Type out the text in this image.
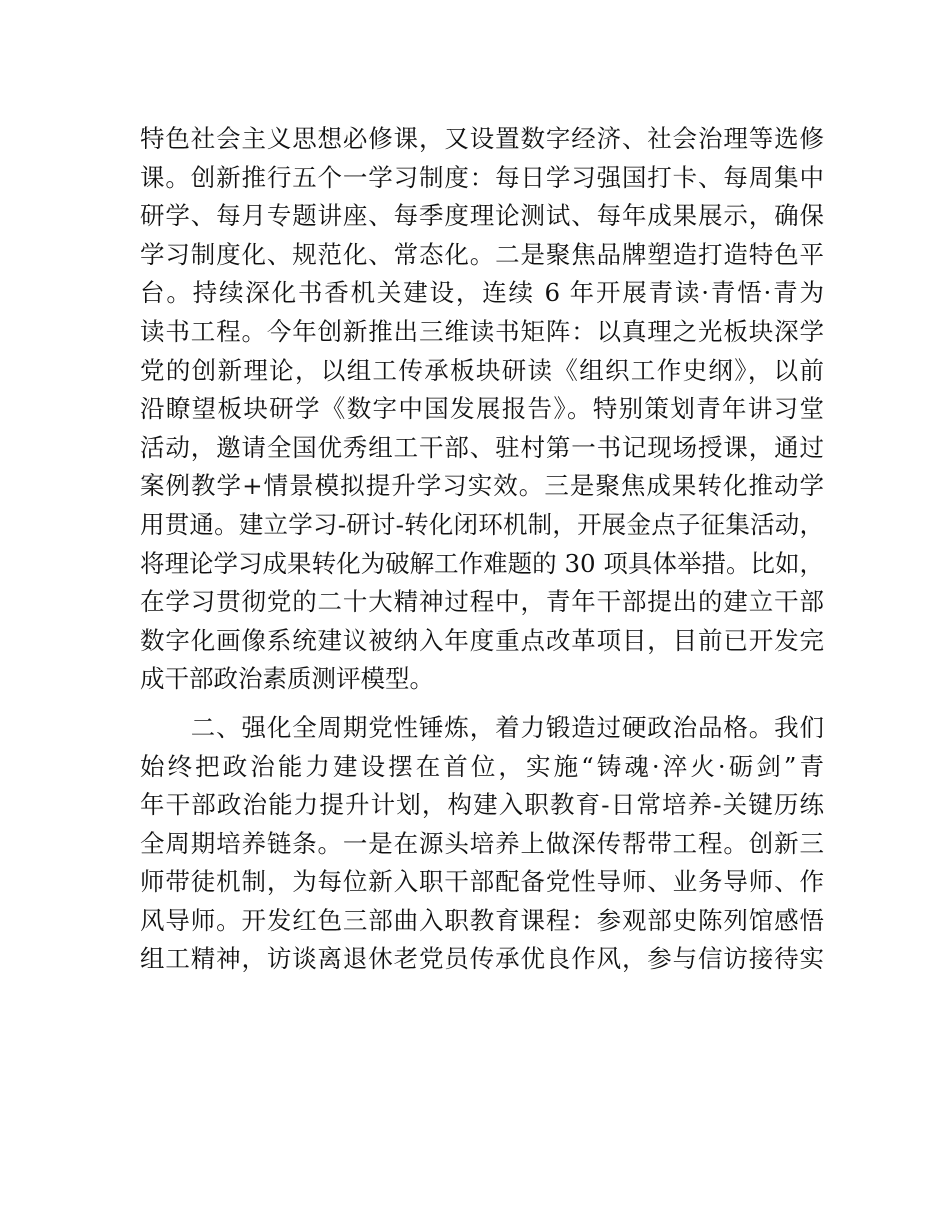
特色社会主义思想必修课，又设置数字经济、社会治理等选修
课。创新推行五个一学习制度：每日学习强国打卡、每周集中
研学、每月专题讲座、每季度理论测试、每年成果展示，确保
学习制度化、规范化、常态化。二是聚焦品牌塑造打造特色平
台。持续深化书香机关建设，连续 6 年开展青读·青悟·青为
读书工程。今年创新推出三维读书矩阵：以真理之光板块深学
党的创新理论，以组工传承板块研读《组织工作史纲》，以前
沿瞭望板块研学《数字中国发展报告》。特别策划青年讲习堂
活动，邀请全国优秀组工干部、驻村第一书记现场授课，通过
案例教学+情景模拟提升学习实效。三是聚焦成果转化推动学
用贯通。建立学习-研讨-转化闭环机制，开展金点子征集活动，
将理论学习成果转化为破解工作难题的 30 项具体举措。比如，
在学习贯彻党的二十大精神过程中，青年干部提出的建立干部
数字化画像系统建议被纳入年度重点改革项目，目前已开发完
成干部政治素质测评模型。
　　二、强化全周期党性锤炼，着力锻造过硬政治品格。我们
始终把政治能力建设摆在首位，实施“铸魂·淬火·砺剑”青
年干部政治能力提升计划，构建入职教育-日常培养-关键历练
全周期培养链条。一是在源头培养上做深传帮带工程。创新三
师带徒机制，为每位新入职干部配备党性导师、业务导师、作
风导师。开发红色三部曲入职教育课程：参观部史陈列馆感悟
组工精神，访谈离退休老党员传承优良作风，参与信访接待实
